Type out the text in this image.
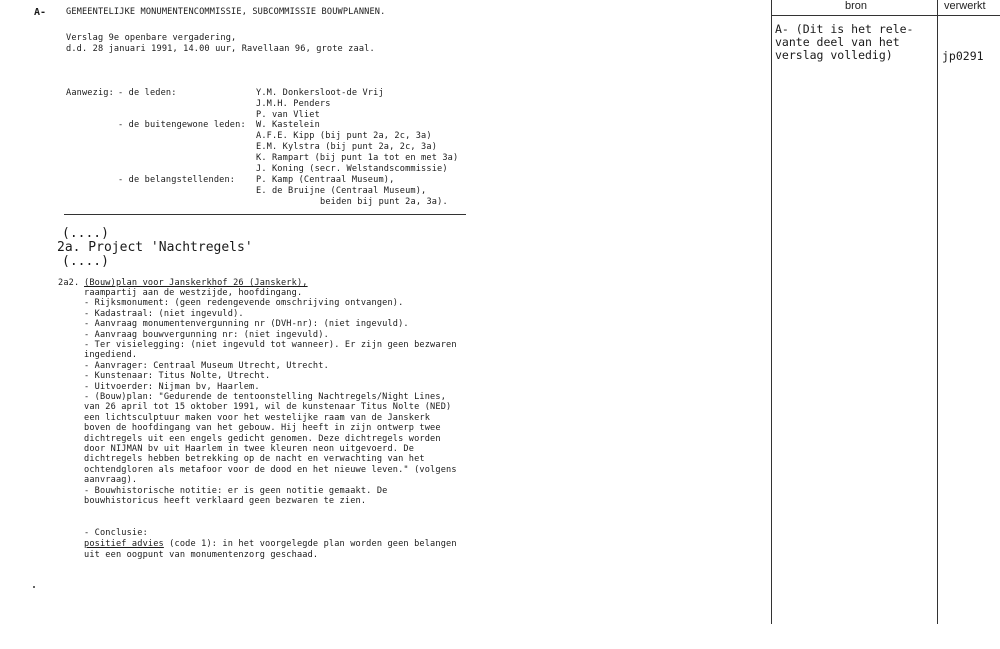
A- GEMEENTELIJKE MONUMENTENCOMMISSIE, SUBCOMMISSIE BOUWPLANNEN.
Verslag 9e openbare vergadering,
d.d. 28 januari 1991, 14.00 uur, Ravellaan 96, grote zaal.
Aanwezig: - de leden:	Y.M. Donkersloot-de Vrij
J.M.H. Penders
P. van Vliet
- de buitengewone leden: W. Kastelein
A.F.E. Kipp (bij punt 2a, 2c, 3a)
E.M. Kylstra (bij punt 2a, 2c, 3a)
K. Rampart (bij punt 1a tot en met 3a)
J. Koning (secr. Welstandscommissie)
- de belangstellenden: P. Kamp (Centraal Museum),
E. de Bruijne (Centraal Museum),
beiden bij punt 2a, 3a).
(....)
2a. Project 'Nachtregels'
(....)
2a2. (Bouw)plan voor Janskerkhof 26 (Janskerk),
raampartij aan de westzijde, hoofdingang.
- Rijksmonument: (geen redengevende omschrijving ontvangen).
- Kadastraal: (niet ingevuld).
- Aanvraag monumentenvergunning nr (DVH-nr): (niet ingevuld).
- Aanvraag bouwvergunning nr: (niet ingevuld).
- Ter visielegging: (niet ingevuld tot wanneer). Er zijn geen bezwaren
ingediend.
- Aanvrager: Centraal Museum Utrecht, Utrecht.
- Kunstenaar: Titus Nolte, Utrecht.
- Uitvoerder: Nijman bv, Haarlem.
- (Bouw)plan: "Gedurende de tentoonstelling Nachtregels/Night Lines,
van 26 april tot 15 oktober 1991, wil de kunstenaar Titus Nolte (NED)
een lichtsculptuur maken voor het westelijke raam van de Janskerk
boven de hoofdingang van het gebouw. Hij heeft in zijn ontwerp twee
dichtregels uit een engels gedicht genomen. Deze dichtregels worden
door NIJMAN bv uit Haarlem in twee kleuren neon uitgevoerd. De
dichtregels hebben betrekking op de nacht en verwachting van het
ochtendgloren als metafoor voor de dood en het nieuwe leven." (volgens
aanvraag).
- Bouwhistorische notitie: er is geen notitie gemaakt. De
bouwhistoricus heeft verklaard geen bezwaren te zien.
- Conclusie:
positief advies (code 1): in het voorgelegde plan worden geen belangen
uit een oogpunt van monumentenzorg geschaad.
bron	verwerkt
A- (Dit is het rele-
vante deel van het
verslag volledig)	jp0291
